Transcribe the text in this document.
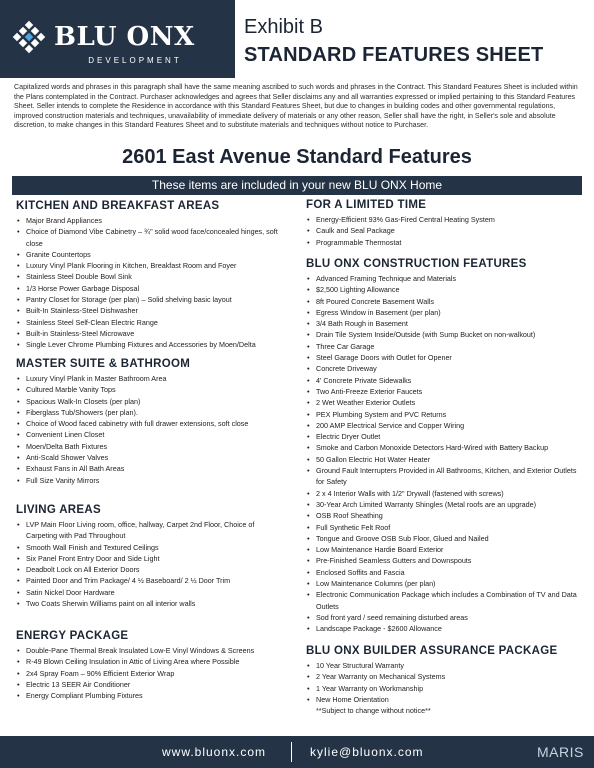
BLU ONX
DEVELOPMENT
Exhibit B
STANDARD FEATURES SHEET
Capitalized words and phrases in this paragraph shall have the same meaning ascribed to such words and phrases in the Contract. This Standard Features Sheet is included within the Plans contemplated in the Contract. Purchaser acknowledges and agrees that Seller disclaims any and all warranties expressed or implied pertaining to this Standard Features Sheet. Seller intends to complete the Residence in accordance with this Standard Features Sheet, but due to changes in building codes and other governmental regulations, improved construction materials and techniques, unavailability of immediate delivery of materials or any other reason, Seller shall have the right, in Seller's sole and absolute discretion, to make changes in this Standard Features Sheet and to substitute materials and techniques without notice to Purchaser.
2601 East Avenue Standard Features
These items are included in your new BLU ONX Home
KITCHEN AND BREAKFAST AREAS
• Major Brand Appliances
• Choice of Diamond Vibe Cabinetry – ¾" solid wood face/concealed hinges, soft close
• Granite Countertops
• Luxury Vinyl Plank Flooring in Kitchen, Breakfast Room and Foyer
• Stainless Steel Double Bowl Sink
• 1/3 Horse Power Garbage Disposal
• Pantry Closet for Storage (per plan) – Solid shelving basic layout
• Built-In Stainless-Steel Dishwasher
• Stainless Steel Self-Clean Electric Range
• Built-in Stainless-Steel Microwave
• Single Lever Chrome Plumbing Fixtures and Accessories by Moen/Delta
MASTER SUITE & BATHROOM
• Luxury Vinyl Plank in Master Bathroom Area
• Cultured Marble Vanity Tops
• Spacious Walk-In Closets (per plan)
• Fiberglass Tub/Showers (per plan).
• Choice of Wood faced cabinetry with full drawer extensions, soft close
• Convenient Linen Closet
• Moen/Delta Bath Fixtures
• Anti-Scald Shower Valves
• Exhaust Fans in All Bath Areas
• Full Size Vanity Mirrors
LIVING AREAS
• LVP Main Floor Living room, office, hallway, Carpet 2nd Floor, Choice of Carpeting with Pad Throughout
• Smooth Wall Finish and Textured Ceilings
• Six Panel Front Entry Door and Side Light
• Deadbolt Lock on All Exterior Doors
• Painted Door and Trim Package/ 4 ½ Baseboard/ 2 ½ Door Trim
• Satin Nickel Door Hardware
• Two Coats Sherwin Williams paint on all interior walls
ENERGY PACKAGE
• Double-Pane Thermal Break Insulated Low-E Vinyl Windows & Screens
• R-49 Blown Ceiling Insulation in Attic of Living Area where Possible
• 2x4 Spray Foam – 90% Efficient Exterior Wrap
• Electric 13 SEER Air Conditioner
• Energy Compliant Plumbing Fixtures
FOR A LIMITED TIME
• Energy-Efficient 93% Gas-Fired Central Heating System
• Caulk and Seal Package
• Programmable Thermostat
BLU ONX CONSTRUCTION FEATURES
• Advanced Framing Technique and Materials
• $2,500 Lighting Allowance
• 8ft Poured Concrete Basement Walls
• Egress Window in Basement (per plan)
• 3/4 Bath Rough in Basement
• Drain Tile System Inside/Outside (with Sump Bucket on non-walkout)
• Three Car Garage
• Steel Garage Doors with Outlet for Opener
• Concrete Driveway
• 4' Concrete Private Sidewalks
• Two Anti-Freeze Exterior Faucets
• 2 Wet Weather Exterior Outlets
• PEX Plumbing System and PVC Returns
• 200 AMP Electrical Service and Copper Wiring
• Electric Dryer Outlet
• Smoke and Carbon Monoxide Detectors Hard-Wired with Battery Backup
• 50 Gallon Electric Hot Water Heater
• Ground Fault Interrupters Provided in All Bathrooms, Kitchen, and Exterior Outlets for Safety
• 2 x 4 Interior Walls with 1/2" Drywall (fastened with screws)
• 30-Year Arch Limited Warranty Shingles (Metal roofs are an upgrade)
• OSB Roof Sheathing
• Full Synthetic Felt Roof
• Tongue and Groove OSB Sub Floor, Glued and Nailed
• Low Maintenance Hardie Board Exterior
• Pre-Finished Seamless Gutters and Downspouts
• Enclosed Soffits and Fascia
• Low Maintenance Columns (per plan)
• Electronic Communication Package which includes a Combination of TV and Data Outlets
• Sod front yard / seed remaining disturbed areas
• Landscape Package - $2600 Allowance
BLU ONX BUILDER ASSURANCE PACKAGE
• 10 Year Structural Warranty
• 2 Year Warranty on Mechanical Systems
• 1 Year Warranty on Workmanship
• New Home Orientation
**Subject to change without notice**
www.bluonx.com	kylie@bluonx.com	MARIS
